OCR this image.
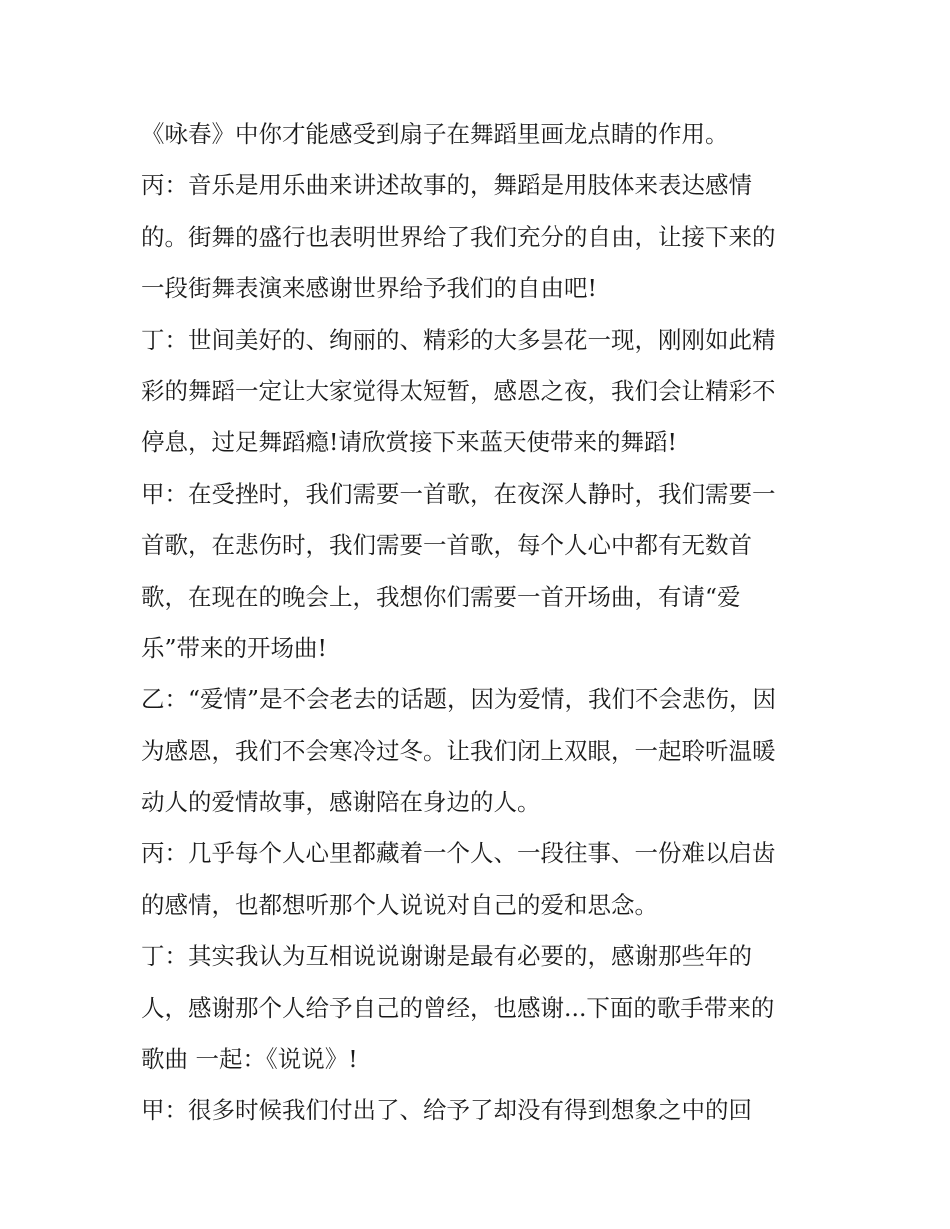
《咏春》中你才能感受到扇子在舞蹈里画龙点睛的作用。
丙：音乐是用乐曲来讲述故事的，舞蹈是用肢体来表达感情
的。街舞的盛行也表明世界给了我们充分的自由，让接下来的
一段街舞表演来感谢世界给予我们的自由吧!
丁：世间美好的、绚丽的、精彩的大多昙花一现，刚刚如此精
彩的舞蹈一定让大家觉得太短暂，感恩之夜，我们会让精彩不
停息，过足舞蹈瘾!请欣赏接下来蓝天使带来的舞蹈!
甲：在受挫时，我们需要一首歌，在夜深人静时，我们需要一
首歌，在悲伤时，我们需要一首歌，每个人心中都有无数首
歌，在现在的晚会上，我想你们需要一首开场曲，有请“爱
乐”带来的开场曲!
乙：“爱情”是不会老去的话题，因为爱情，我们不会悲伤，因
为感恩，我们不会寒冷过冬。让我们闭上双眼，一起聆听温暖
动人的爱情故事，感谢陪在身边的人。
丙：几乎每个人心里都藏着一个人、一段往事、一份难以启齿
的感情，也都想听那个人说说对自己的爱和思念。
丁：其实我认为互相说说谢谢是最有必要的，感谢那些年的
人，感谢那个人给予自己的曾经，也感谢...下面的歌手带来的
歌曲 一起：《说说》!
甲：很多时候我们付出了、给予了却没有得到想象之中的回
